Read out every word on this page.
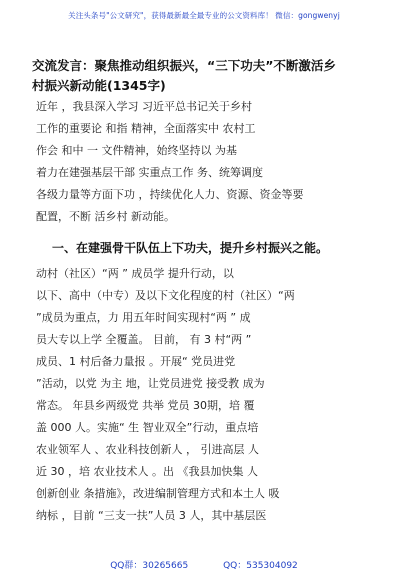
关注头条号"公文研究"，获得最新最全最专业的公文资料库！ 微信：gongwenyj
交流发言：聚焦推动组织振兴，“三下功夫”不断激活乡
村振兴新动能(1345字)
近年 ，我县深入学习 习近平总书记关于乡村
工作的重要论 和指 精神，全面落实中 农村工
作会 和中 一 文件精神，始终坚持以 为基
着力在建强基层干部 实重点工作 务、统筹调度
各级力量等方面下功 ，持续优化人力、资源、资金等要
配置，不断 活乡村 新动能。
一、在建强骨干队伍上下功夫，提升乡村振兴之能。
动村（社区）“两 ” 成员学 提升行动，以
以下、高中（中专）及以下文化程度的村（社区）“两
”成员为重点，力 用五年时间实现村“两 ” 成
员大专以上学 全覆盖。 目前， 有 3 村“两 ”
成员、1 村后备力量报 。开展“ 党员进党
”活动，以党 为主 地，让党员进党 接受教 成为
常态。 年县乡两级党 共举 党员 30期，培 覆
盖 000 人。实施“ 生 智业双全”行动，重点培
农业领军人 、农业科技创新人 ， 引进高层 人
近 30 ，培 农业技术人 。出 《我县加快集 人
创新创业 条措施》，改进编制管理方式和本土人 吸
纳标 ，目前 “三支一扶”人员 3 人，其中基层医
QQ群：30265665	QQ：535304092
